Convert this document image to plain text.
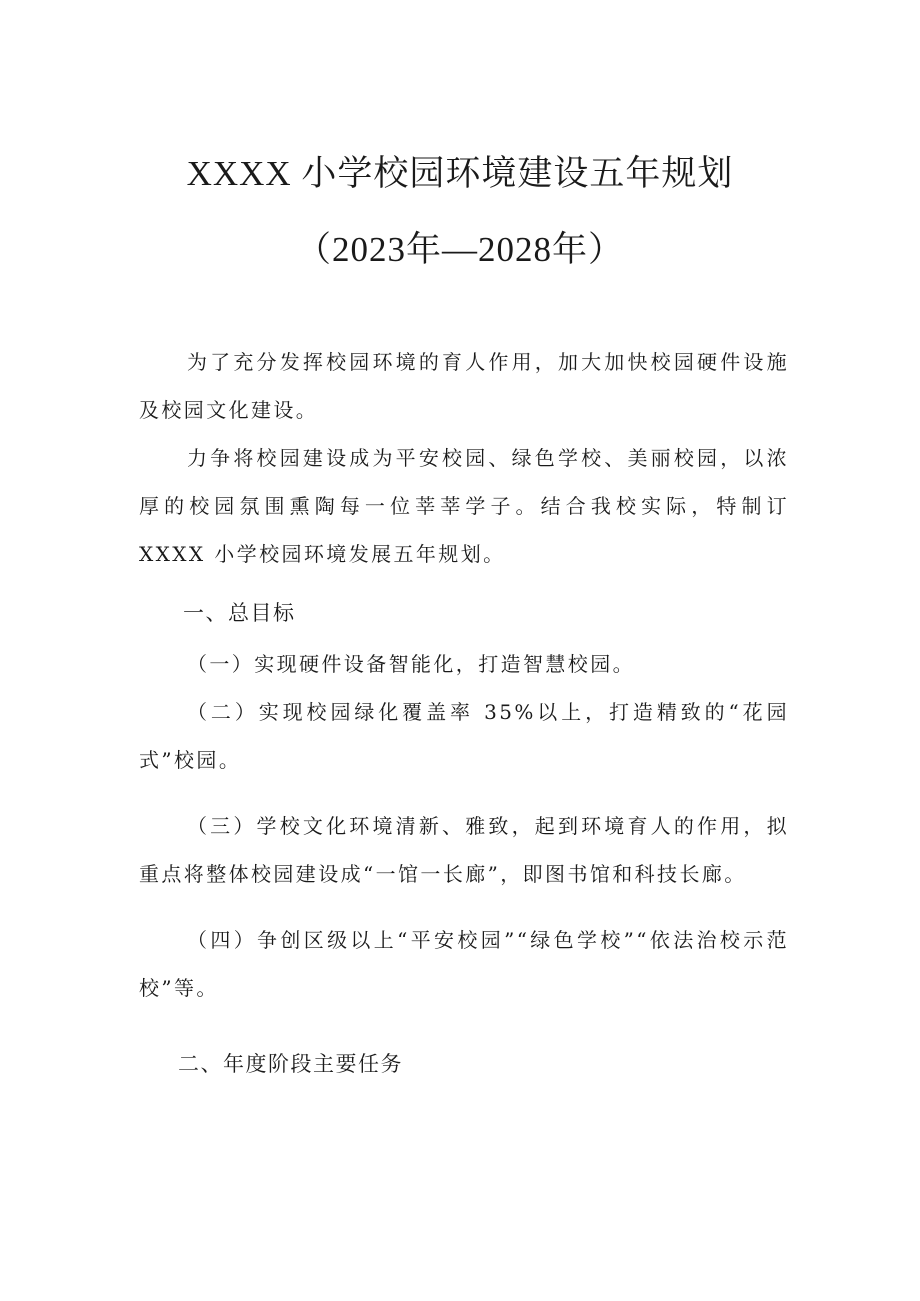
XXXX 小学校园环境建设五年规划
（2023年—2028年）

为了充分发挥校园环境的育人作用，加大加快校园硬件设施及校园文化建设。

力争将校园建设成为平安校园、绿色学校、美丽校园，以浓厚的校园氛围熏陶每一位莘莘学子。结合我校实际，特制订 XXXX 小学校园环境发展五年规划。

一、总目标

（一）实现硬件设备智能化，打造智慧校园。

（二）实现校园绿化覆盖率 35%以上，打造精致的“花园式”校园。

（三）学校文化环境清新、雅致，起到环境育人的作用，拟重点将整体校园建设成“一馆一长廊”，即图书馆和科技长廊。

（四）争创区级以上“平安校园”“绿色学校”“依法治校示范校”等。

二、年度阶段主要任务
